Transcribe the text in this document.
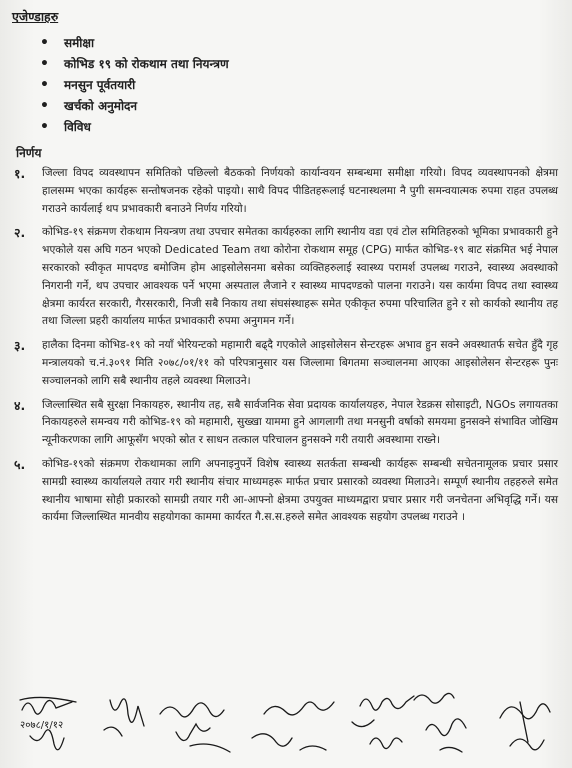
एजेण्डाहरु
•	समीक्षा
•	कोभिड १९ को रोकथाम तथा नियन्त्रण
•	मनसुन पूर्वतयारी
•	खर्चको अनुमोदन
•	विविध
निर्णय
१.	जिल्ला विपद व्यवस्थापन समितिको पछिल्लो बैठकको निर्णयको कार्यान्वयन सम्बन्धमा समीक्षा गरियो। विपद व्यवस्थापनको क्षेत्रमा हालसम्म भएका कार्यहरू सन्तोषजनक रहेको पाइयो। साथै विपद पीडितहरूलाई घटनास्थलमा नै पुगी समन्वयात्मक रुपमा राहत उपलब्ध गराउने कार्यलाई थप प्रभावकारी बनाउने निर्णय गरियो।
२.	कोभिड-१९ संक्रमण रोकथाम नियन्त्रण तथा उपचार समेतका कार्यहरुका लागि स्थानीय वडा एवं टोल समितिहरुको भूमिका प्रभावकारी हुने भएकोले यस अघि गठन भएको Dedicated Team तथा कोरोना रोकथाम समूह (CPG) मार्फत कोभिड-१९ बाट संक्रमित भई नेपाल सरकारको स्वीकृत मापदण्ड बमोजिम होम आइसोलेसनमा बसेका व्यक्तिहरुलाई स्वास्थ्य परामर्श उपलब्ध गराउने, स्वास्थ्य अवस्थाको निगरानी गर्ने, थप उपचार आवश्यक पर्ने भएमा अस्पताल लैजाने र स्वास्थ्य मापदण्डको पालना गराउने। यस कार्यमा विपद तथा स्वास्थ्य क्षेत्रमा कार्यरत सरकारी, गैरसरकारी, निजी सबै निकाय तथा संघसंस्थाहरू समेत एकीकृत रुपमा परिचालित हुने र सो कार्यको स्थानीय तह तथा जिल्ला प्रहरी कार्यालय मार्फत प्रभावकारी रुपमा अनुगमन गर्ने।
३.	हालैका दिनमा कोभिड-१९ को नयाँ भेरियन्टको महामारी बढ्दै गएकोले आइसोलेसन सेन्टरहरू अभाव हुन सक्ने अवस्थातर्फ सचेत हुँदै गृह मन्त्रालयको च.नं.३०९१ मिति २०७८/०१/११ को परिपत्रानुसार यस जिल्लामा बिगतमा सञ्चालनमा आएका आइसोलेसन सेन्टरहरू पुनः सञ्चालनको लागि सबै स्थानीय तहले व्यवस्था मिलाउने।
४.	जिल्लास्थित सबै सुरक्षा निकायहरु, स्थानीय तह, सबै सार्वजनिक सेवा प्रदायक कार्यालयहरु, नेपाल रेडक्रस सोसाइटी, NGOs लगायतका निकायहरुले समन्वय गरी कोभिड-१९ को महामारी, सुख्खा याममा हुने आगलागी तथा मनसुनी वर्षाको समयमा हुनसक्ने संभावित जोखिम न्यूनीकरणका लागि आफूसँग भएको स्रोत र साधन तत्काल परिचालन हुनसक्ने गरी तयारी अवस्थामा राख्ने।
५.	कोभिड-१९को संक्रमण रोकथामका लागि अपनाइनुपर्ने विशेष स्वास्थ्य सतर्कता सम्बन्धी कार्यहरू सम्बन्धी सचेतनामूलक प्रचार प्रसार सामग्री स्वास्थ्य कार्यालयले तयार गरी स्थानीय संचार माध्यमहरू मार्फत प्रचार प्रसारको व्यवस्था मिलाउने। सम्पूर्ण स्थानीय तहहरुले समेत स्थानीय भाषामा सोही प्रकारको सामग्री तयार गरी आ-आफ्नो क्षेत्रमा उपयुक्त माध्यमद्वारा प्रचार प्रसार गरी जनचेतना अभिवृद्धि गर्ने। यस कार्यमा जिल्लास्थित मानवीय सहयोगका काममा कार्यरत गै.स.स.हरुले समेत आवश्यक सहयोग उपलब्ध गराउने ।
२०७८/१/१२
